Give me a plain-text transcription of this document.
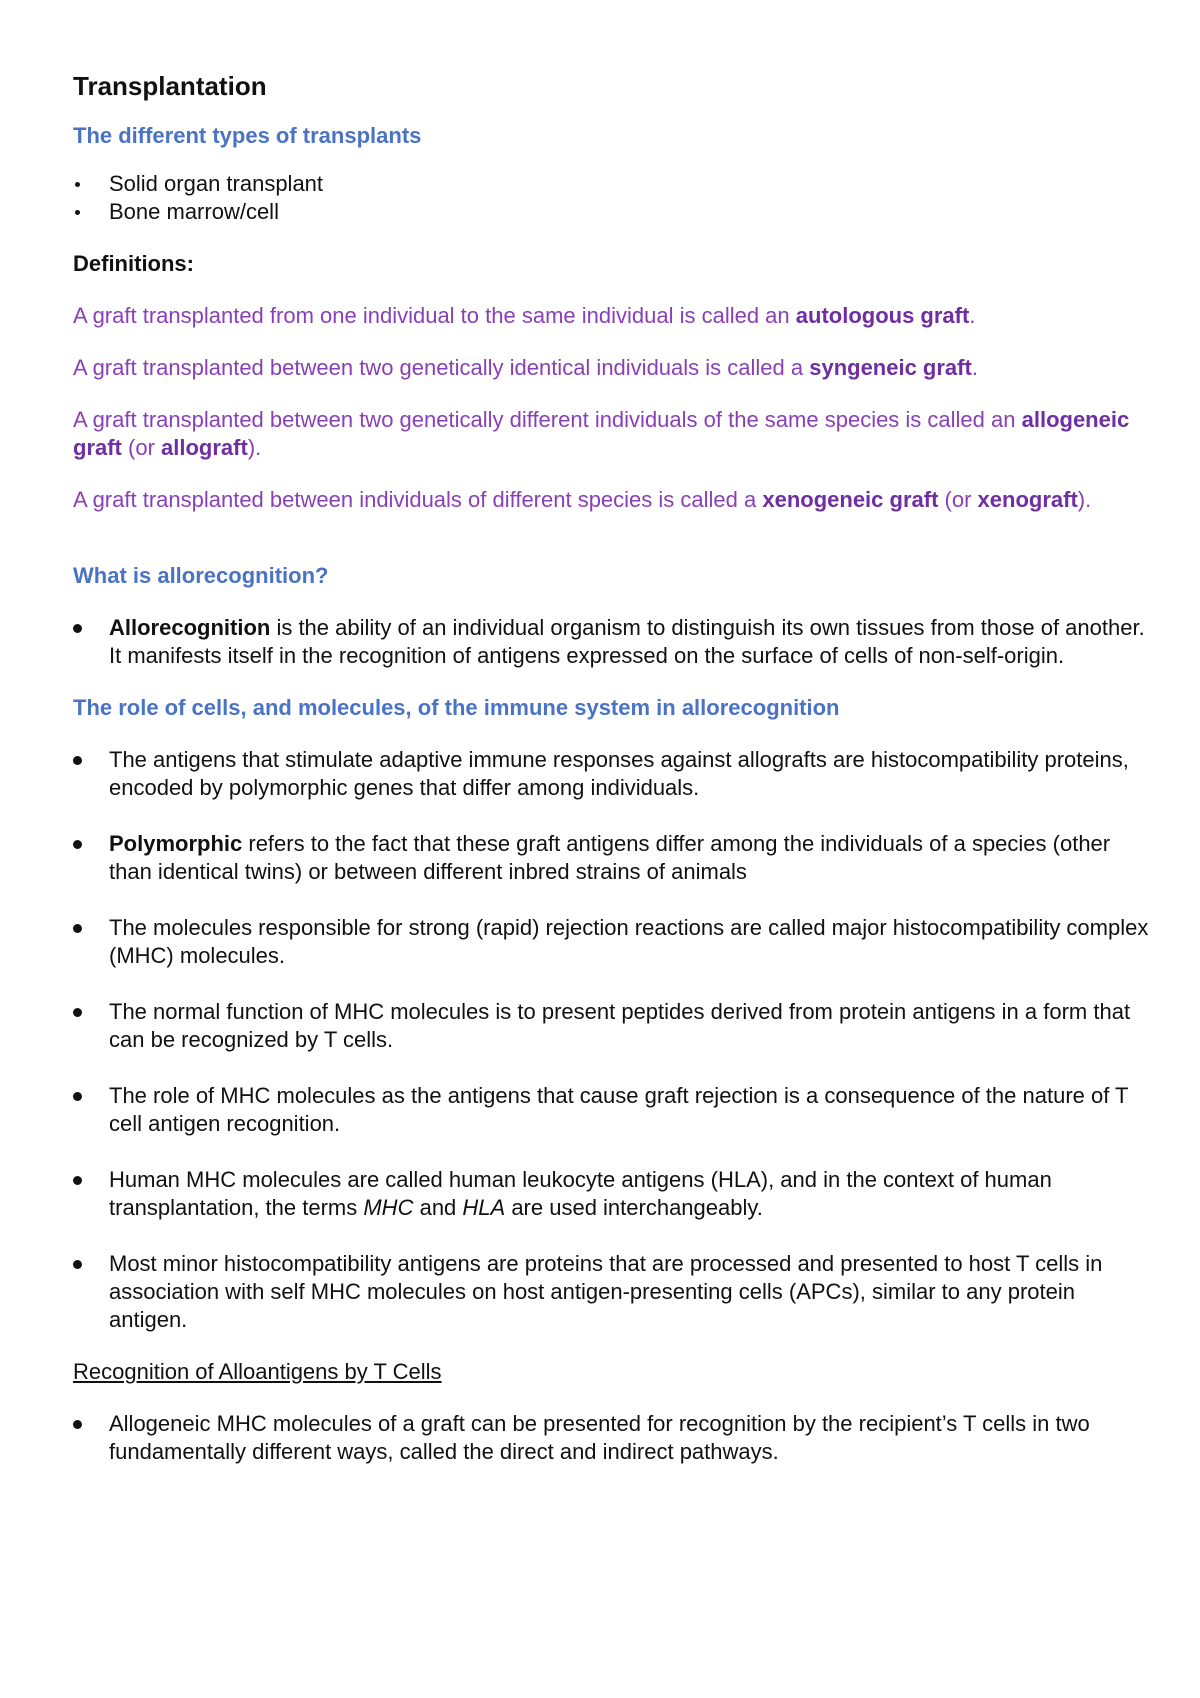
Transplantation

The different types of transplants

Solid organ transplant
Bone marrow/cell

Definitions:

A graft transplanted from one individual to the same individual is called an autologous graft.

A graft transplanted between two genetically identical individuals is called a syngeneic graft.

A graft transplanted between two genetically different individuals of the same species is called an allogeneic graft (or allograft).

A graft transplanted between individuals of different species is called a xenogeneic graft (or xenograft).

What is allorecognition?

Allorecognition is the ability of an individual organism to distinguish its own tissues from those of another. It manifests itself in the recognition of antigens expressed on the surface of cells of non-self-origin.

The role of cells, and molecules, of the immune system in allorecognition

The antigens that stimulate adaptive immune responses against allografts are histocompatibility proteins, encoded by polymorphic genes that differ among individuals.
Polymorphic refers to the fact that these graft antigens differ among the individuals of a species (other than identical twins) or between different inbred strains of animals
The molecules responsible for strong (rapid) rejection reactions are called major histocompatibility complex (MHC) molecules.
The normal function of MHC molecules is to present peptides derived from protein antigens in a form that can be recognized by T cells.
The role of MHC molecules as the antigens that cause graft rejection is a consequence of the nature of T cell antigen recognition.
Human MHC molecules are called human leukocyte antigens (HLA), and in the context of human transplantation, the terms MHC and HLA are used interchangeably.
Most minor histocompatibility antigens are proteins that are processed and presented to host T cells in association with self MHC molecules on host antigen-presenting cells (APCs), similar to any protein antigen.

Recognition of Alloantigens by T Cells

Allogeneic MHC molecules of a graft can be presented for recognition by the recipient’s T cells in two fundamentally different ways, called the direct and indirect pathways.
